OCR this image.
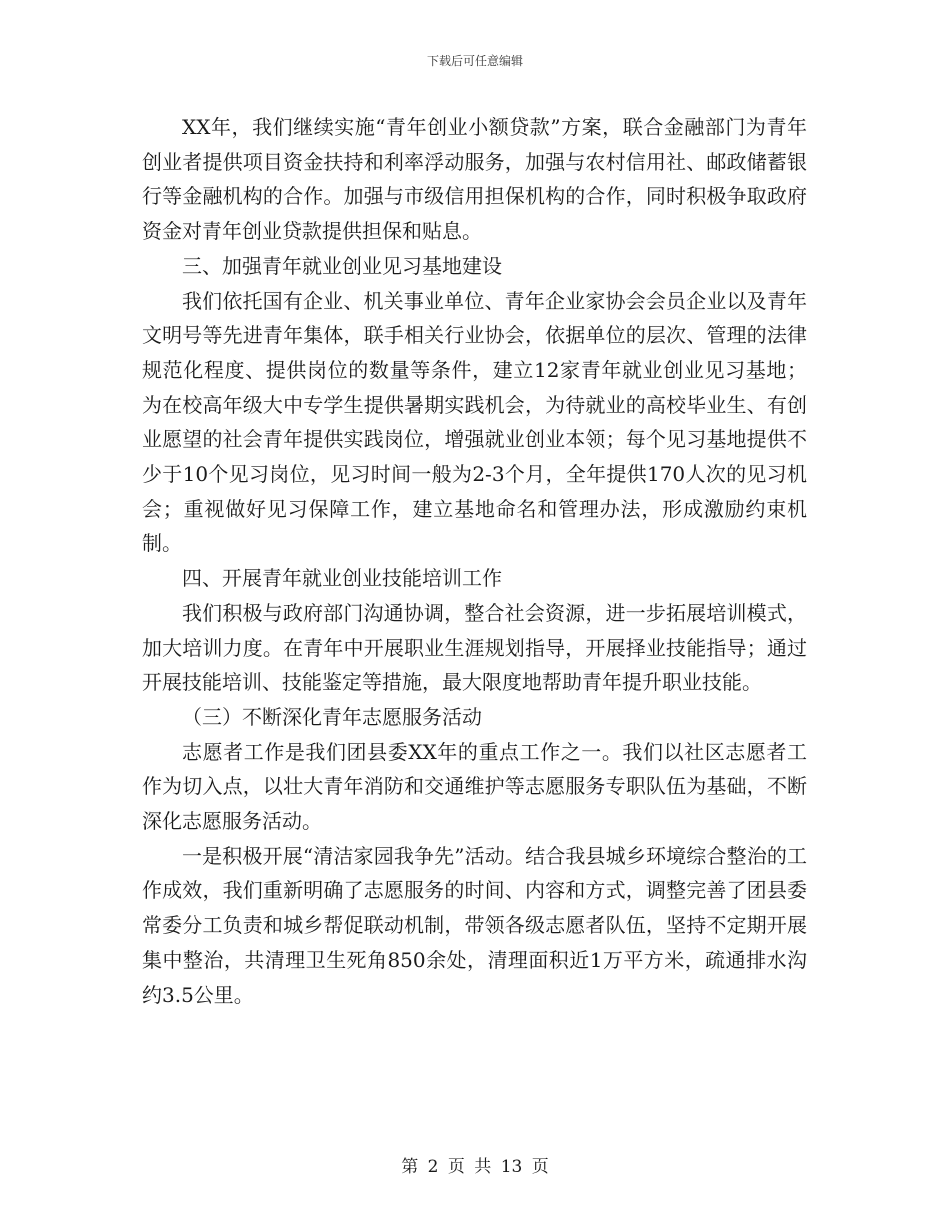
下载后可任意编辑

XX年，我们继续实施“青年创业小额贷款”方案，联合金融部门为青年创业者提供项目资金扶持和利率浮动服务，加强与农村信用社、邮政储蓄银行等金融机构的合作。加强与市级信用担保机构的合作，同时积极争取政府资金对青年创业贷款提供担保和贴息。

三、加强青年就业创业见习基地建设

我们依托国有企业、机关事业单位、青年企业家协会会员企业以及青年文明号等先进青年集体，联手相关行业协会，依据单位的层次、管理的法律规范化程度、提供岗位的数量等条件，建立12家青年就业创业见习基地；为在校高年级大中专学生提供暑期实践机会，为待就业的高校毕业生、有创业愿望的社会青年提供实践岗位，增强就业创业本领；每个见习基地提供不少于10个见习岗位，见习时间一般为2-3个月，全年提供170人次的见习机会；重视做好见习保障工作，建立基地命名和管理办法，形成激励约束机制。

四、开展青年就业创业技能培训工作

我们积极与政府部门沟通协调，整合社会资源，进一步拓展培训模式，加大培训力度。在青年中开展职业生涯规划指导，开展择业技能指导；通过开展技能培训、技能鉴定等措施，最大限度地帮助青年提升职业技能。

（三）不断深化青年志愿服务活动

志愿者工作是我们团县委XX年的重点工作之一。我们以社区志愿者工作为切入点，以壮大青年消防和交通维护等志愿服务专职队伍为基础，不断深化志愿服务活动。

一是积极开展“清洁家园我争先”活动。结合我县城乡环境综合整治的工作成效，我们重新明确了志愿服务的时间、内容和方式，调整完善了团县委常委分工负责和城乡帮促联动机制，带领各级志愿者队伍，坚持不定期开展集中整治，共清理卫生死角850余处，清理面积近1万平方米，疏通排水沟约3.5公里。

第 2 页 共 13 页
